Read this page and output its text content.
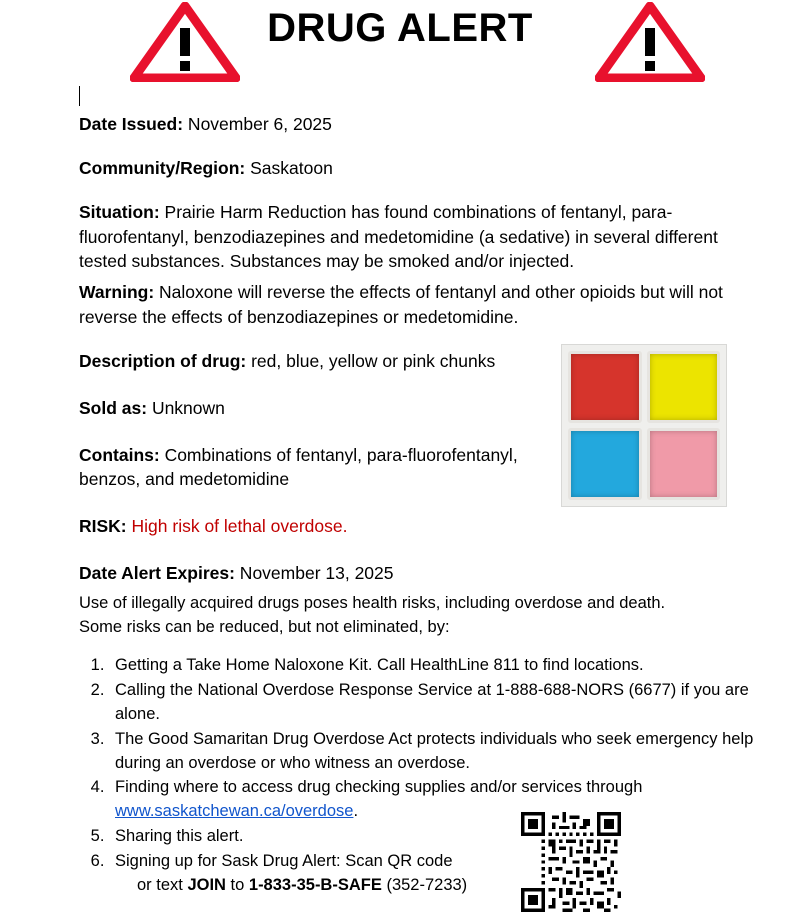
DRUG ALERT

Date Issued: November 6, 2025

Community/Region: Saskatoon

Situation: Prairie Harm Reduction has found combinations of fentanyl, para-fluorofentanyl, benzodiazepines and medetomidine (a sedative) in several different tested substances. Substances may be smoked and/or injected.

Warning: Naloxone will reverse the effects of fentanyl and other opioids but will not reverse the effects of benzodiazepines or medetomidine.

Description of drug: red, blue, yellow or pink chunks

Sold as: Unknown

Contains: Combinations of fentanyl, para-fluorofentanyl, benzos, and medetomidine

RISK: High risk of lethal overdose.

Date Alert Expires: November 13, 2025

Use of illegally acquired drugs poses health risks, including overdose and death.
Some risks can be reduced, but not eliminated, by:

1. Getting a Take Home Naloxone Kit. Call HealthLine 811 to find locations.
2. Calling the National Overdose Response Service at 1-888-688-NORS (6677) if you are alone.
3. The Good Samaritan Drug Overdose Act protects individuals who seek emergency help during an overdose or who witness an overdose.
4. Finding where to access drug checking supplies and/or services through www.saskatchewan.ca/overdose.
5. Sharing this alert.
6. Signing up for Sask Drug Alert: Scan QR code
or text JOIN to 1-833-35-B-SAFE (352-7233)
